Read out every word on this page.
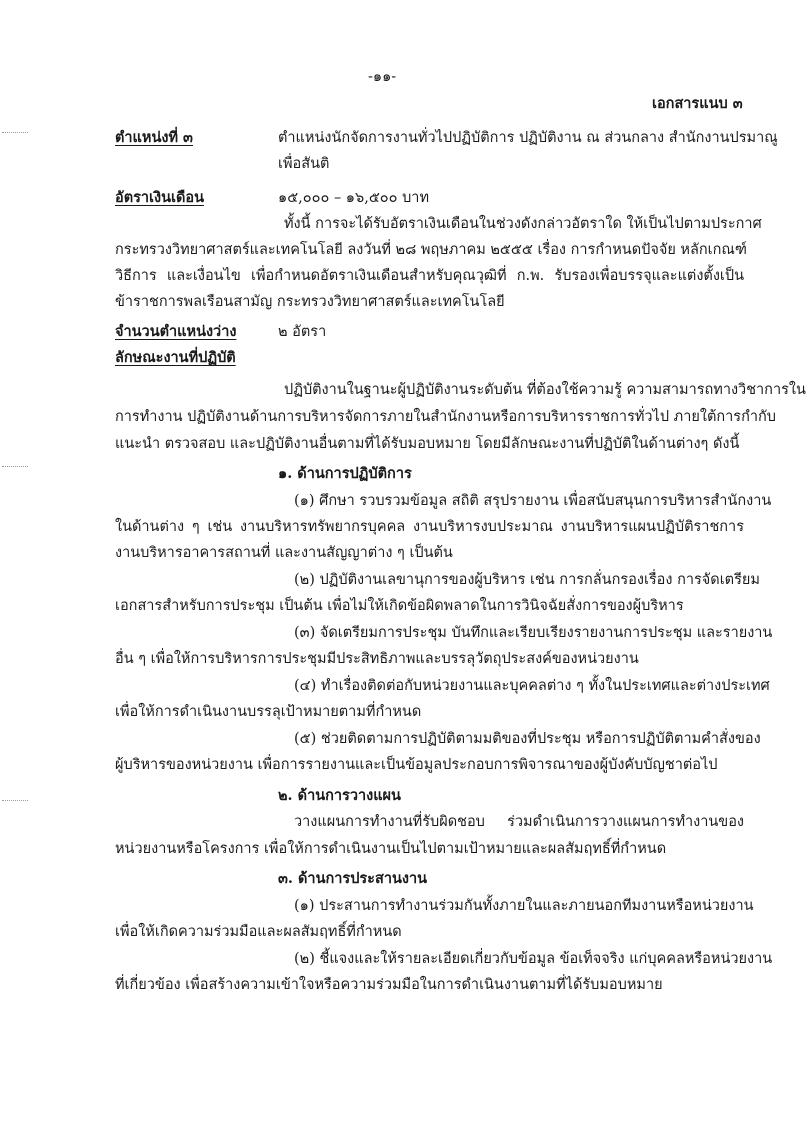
-๑๑-
เอกสารแนบ ๓
ตำแหน่งที่ ๓	ตำแหน่งนักจัดการงานทั่วไปปฏิบัติการ ปฏิบัติงาน ณ ส่วนกลาง สำนักงานปรมาณู
เพื่อสันติ
อัตราเงินเดือน	๑๕,๐๐๐ – ๑๖,๕๐๐ บาท
ทั้งนี้ การจะได้รับอัตราเงินเดือนในช่วงดังกล่าวอัตราใด ให้เป็นไปตามประกาศ
กระทรวงวิทยาศาสตร์และเทคโนโลยี ลงวันที่ ๒๘ พฤษภาคม ๒๕๕๕ เรื่อง การกำหนดปัจจัย หลักเกณฑ์
วิธีการ และเงื่อนไข เพื่อกำหนดอัตราเงินเดือนสำหรับคุณวุฒิที่ ก.พ. รับรองเพื่อบรรจุและแต่งตั้งเป็น
ข้าราชการพลเรือนสามัญ กระทรวงวิทยาศาสตร์และเทคโนโลยี
จำนวนตำแหน่งว่าง	๒ อัตรา
ลักษณะงานที่ปฏิบัติ
ปฏิบัติงานในฐานะผู้ปฏิบัติงานระดับต้น ที่ต้องใช้ความรู้ ความสามารถทางวิชาการใน
การทำงาน ปฏิบัติงานด้านการบริหารจัดการภายในสำนักงานหรือการบริหารราชการทั่วไป ภายใต้การกำกับ
แนะนำ ตรวจสอบ และปฏิบัติงานอื่นตามที่ได้รับมอบหมาย โดยมีลักษณะงานที่ปฏิบัติในด้านต่างๆ ดังนี้
๑. ด้านการปฏิบัติการ
(๑) ศึกษา รวบรวมข้อมูล สถิติ สรุปรายงาน เพื่อสนับสนุนการบริหารสำนักงาน
ในด้านต่าง ๆ เช่น งานบริหารทรัพยากรบุคคล งานบริหารงบประมาณ งานบริหารแผนปฏิบัติราชการ
งานบริหารอาคารสถานที่ และงานสัญญาต่าง ๆ เป็นต้น
(๒) ปฏิบัติงานเลขานุการของผู้บริหาร เช่น การกลั่นกรองเรื่อง การจัดเตรียม
เอกสารสำหรับการประชุม เป็นต้น เพื่อไม่ให้เกิดข้อผิดพลาดในการวินิจฉัยสั่งการของผู้บริหาร
(๓) จัดเตรียมการประชุม บันทึกและเรียบเรียงรายงานการประชุม และรายงาน
อื่น ๆ เพื่อให้การบริหารการประชุมมีประสิทธิภาพและบรรลุวัตถุประสงค์ของหน่วยงาน
(๔) ทำเรื่องติดต่อกับหน่วยงานและบุคคลต่าง ๆ ทั้งในประเทศและต่างประเทศ
เพื่อให้การดำเนินงานบรรลุเป้าหมายตามที่กำหนด
(๕) ช่วยติดตามการปฏิบัติตามมติของที่ประชุม หรือการปฏิบัติตามคำสั่งของ
ผู้บริหารของหน่วยงาน เพื่อการรายงานและเป็นข้อมูลประกอบการพิจารณาของผู้บังคับบัญชาต่อไป
๒. ด้านการวางแผน
วางแผนการทำงานที่รับผิดชอบ ร่วมดำเนินการวางแผนการทำงานของ
หน่วยงานหรือโครงการ เพื่อให้การดำเนินงานเป็นไปตามเป้าหมายและผลสัมฤทธิ์ที่กำหนด
๓. ด้านการประสานงาน
(๑) ประสานการทำงานร่วมกันทั้งภายในและภายนอกทีมงานหรือหน่วยงาน
เพื่อให้เกิดความร่วมมือและผลสัมฤทธิ์ที่กำหนด
(๒) ชี้แจงและให้รายละเอียดเกี่ยวกับข้อมูล ข้อเท็จจริง แก่บุคคลหรือหน่วยงาน
ที่เกี่ยวข้อง เพื่อสร้างความเข้าใจหรือความร่วมมือในการดำเนินงานตามที่ได้รับมอบหมาย
